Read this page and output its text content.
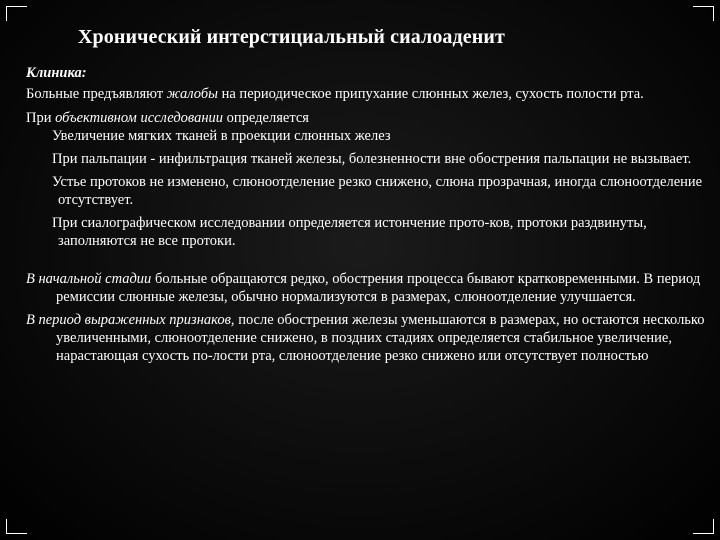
Хронический интерстициальный сиалоаденит
Клиника:
Больные предъявляют жалобы на периодическое припухание слюнных желез, сухость полости рта.
При объективном исследовании определяется
Увеличение мягких тканей в проекции слюнных желез
При пальпации - инфильтрация тканей железы, болезненности вне обострения пальпации не вызывает.
Устье протоков не изменено, слюноотделение резко снижено, слюна прозрачная, иногда слюноотделение отсутствует.
При сиалографическом исследовании определяется истончение прото-ков, протоки раздвинуты, заполняются не все протоки.
В начальной стадии больные обращаются редко, обострения процесса бывают кратковременными. В период ремиссии слюнные железы, обычно нормализуются в размерах, слюноотделение улучшается.
В период выраженных признаков, после обострения железы уменьшаются в размерах, но остаются несколько увеличенными, слюноотделение снижено, в поздних стадиях определяется стабильное увеличение, нарастающая сухость по-лости рта, слюноотделение резко снижено или отсутствует полностью
